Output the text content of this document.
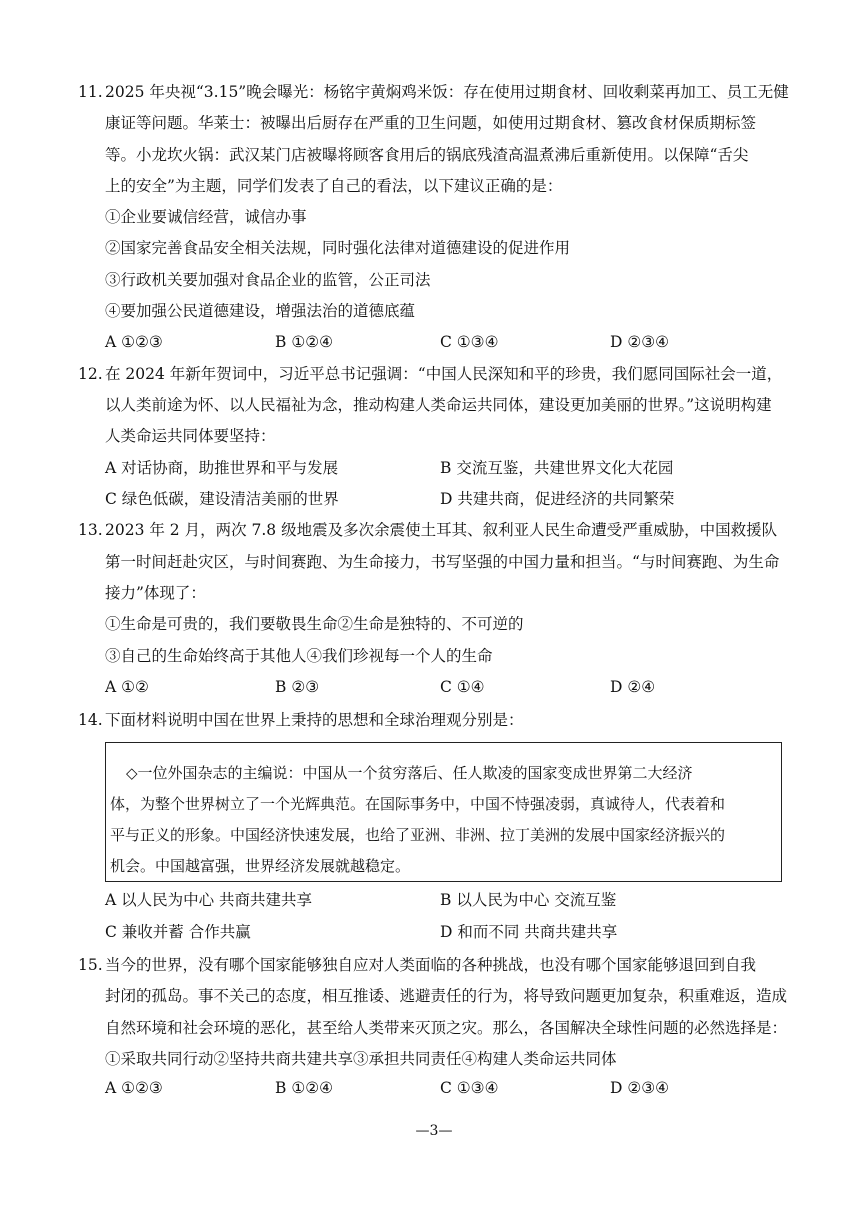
11. 2025 年央视“3.15”晚会曝光：杨铭宇黄焖鸡米饭：存在使用过期食材、回收剩菜再加工、员工无健
康证等问题。华莱士：被曝出后厨存在严重的卫生问题，如使用过期食材、篡改食材保质期标签
等。小龙坎火锅：武汉某门店被曝将顾客食用后的锅底残渣高温煮沸后重新使用。以保障“舌尖
上的安全”为主题，同学们发表了自己的看法，以下建议正确的是：
①企业要诚信经营，诚信办事
②国家完善食品安全相关法规，同时强化法律对道德建设的促进作用
③行政机关要加强对食品企业的监管，公正司法
④要加强公民道德建设，增强法治的道德底蕴
A ①②③	B ①②④	C ①③④	D ②③④
12. 在 2024 年新年贺词中，习近平总书记强调：“中国人民深知和平的珍贵，我们愿同国际社会一道，
以人类前途为怀、以人民福祉为念，推动构建人类命运共同体，建设更加美丽的世界。”这说明构建
人类命运共同体要坚持：
A 对话协商，助推世界和平与发展	B 交流互鉴，共建世界文化大花园
C 绿色低碳，建设清洁美丽的世界	D 共建共商，促进经济的共同繁荣
13. 2023 年 2 月，两次 7.8 级地震及多次余震使土耳其、叙利亚人民生命遭受严重威胁，中国救援队
第一时间赶赴灾区，与时间赛跑、为生命接力，书写坚强的中国力量和担当。“与时间赛跑、为生命
接力”体现了：
①生命是可贵的，我们要敬畏生命②生命是独特的、不可逆的
③自己的生命始终高于其他人④我们珍视每一个人的生命
A ①②	B ②③	C ①④	D ②④
14. 下面材料说明中国在世界上秉持的思想和全球治理观分别是：
◇一位外国杂志的主编说：中国从一个贫穷落后、任人欺凌的国家变成世界第二大经济
体，为整个世界树立了一个光辉典范。在国际事务中，中国不恃强凌弱，真诚待人，代表着和
平与正义的形象。中国经济快速发展，也给了亚洲、非洲、拉丁美洲的发展中国家经济振兴的
机会。中国越富强，世界经济发展就越稳定。
A 以人民为中心 共商共建共享	B 以人民为中心 交流互鉴
C 兼收并蓄 合作共赢	D 和而不同 共商共建共享
15. 当今的世界，没有哪个国家能够独自应对人类面临的各种挑战，也没有哪个国家能够退回到自我
封闭的孤岛。事不关己的态度，相互推诿、逃避责任的行为，将导致问题更加复杂，积重难返，造成
自然环境和社会环境的恶化，甚至给人类带来灭顶之灾。那么，各国解决全球性问题的必然选择是：
①采取共同行动②坚持共商共建共享③承担共同责任④构建人类命运共同体
A ①②③	B ①②④	C ①③④	D ②③④
—3—
